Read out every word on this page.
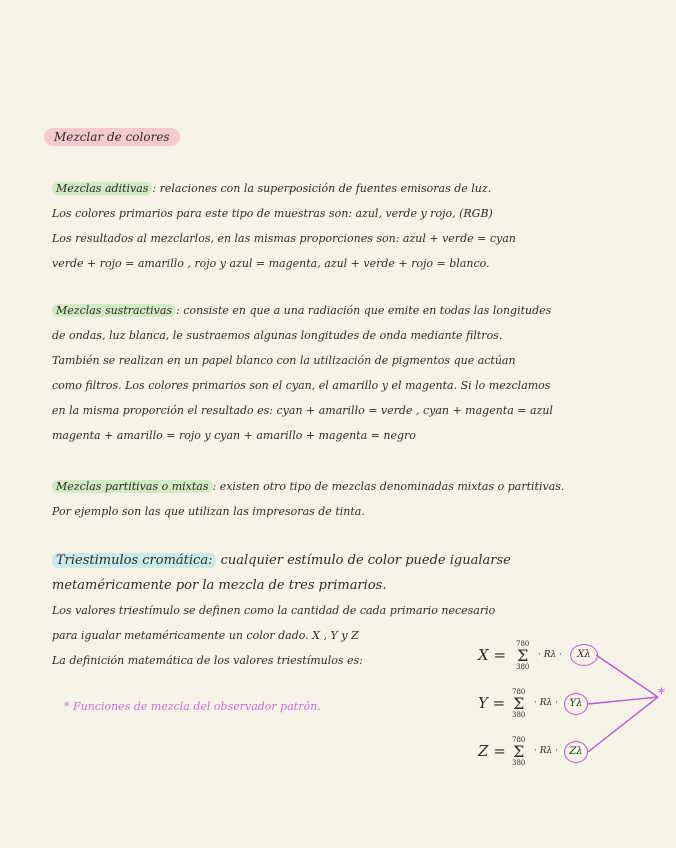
Mezclar de colores
Mezclas aditivas : relaciones con la superposición de fuentes emisoras de luz.
Los colores primarios para este tipo de muestras son: azul, verde y rojo, (RGB)
Los resultados al mezclarlos, en las mismas proporciones son: azul + verde = cyan
verde + rojo = amarillo , rojo y azul = magenta, azul + verde + rojo = blanco.
Mezclas sustractivas : consiste en que a una radiación que emite en todas las longitudes
de ondas, luz blanca, le sustraemos algunas longitudes de onda mediante filtros.
También se realizan en un papel blanco con la utilización de pigmentos que actúan
como filtros. Los colores primarios son el cyan, el amarillo y el magenta. Si lo mezclamos
en la misma proporción el resultado es: cyan + amarillo = verde , cyan + magenta = azul
magenta + amarillo = rojo y cyan + amarillo + magenta = negro
Mezclas partitivas o mixtas : existen otro tipo de mezclas denominadas mixtas o partitivas.
Por ejemplo son las que utilizan las impresoras de tinta.
Triestimulos cromática: cualquier estímulo de color puede igualarse
metaméricamente por la mezcla de tres primarios.
Los valores triestímulo se definen como la cantidad de cada primario necesario
para igualar metaméricamente un color dado. X , Y y Z
La definición matemática de los valores triestímulos es:
* Funciones de mezcla del observador patrón.
*
X =
780
Σ
380
· Rλ ·	Xλ
Y =
780
Σ
380
· Rλ ·	Yλ
Z =
780
Σ
380
· Rλ ·	Zλ
